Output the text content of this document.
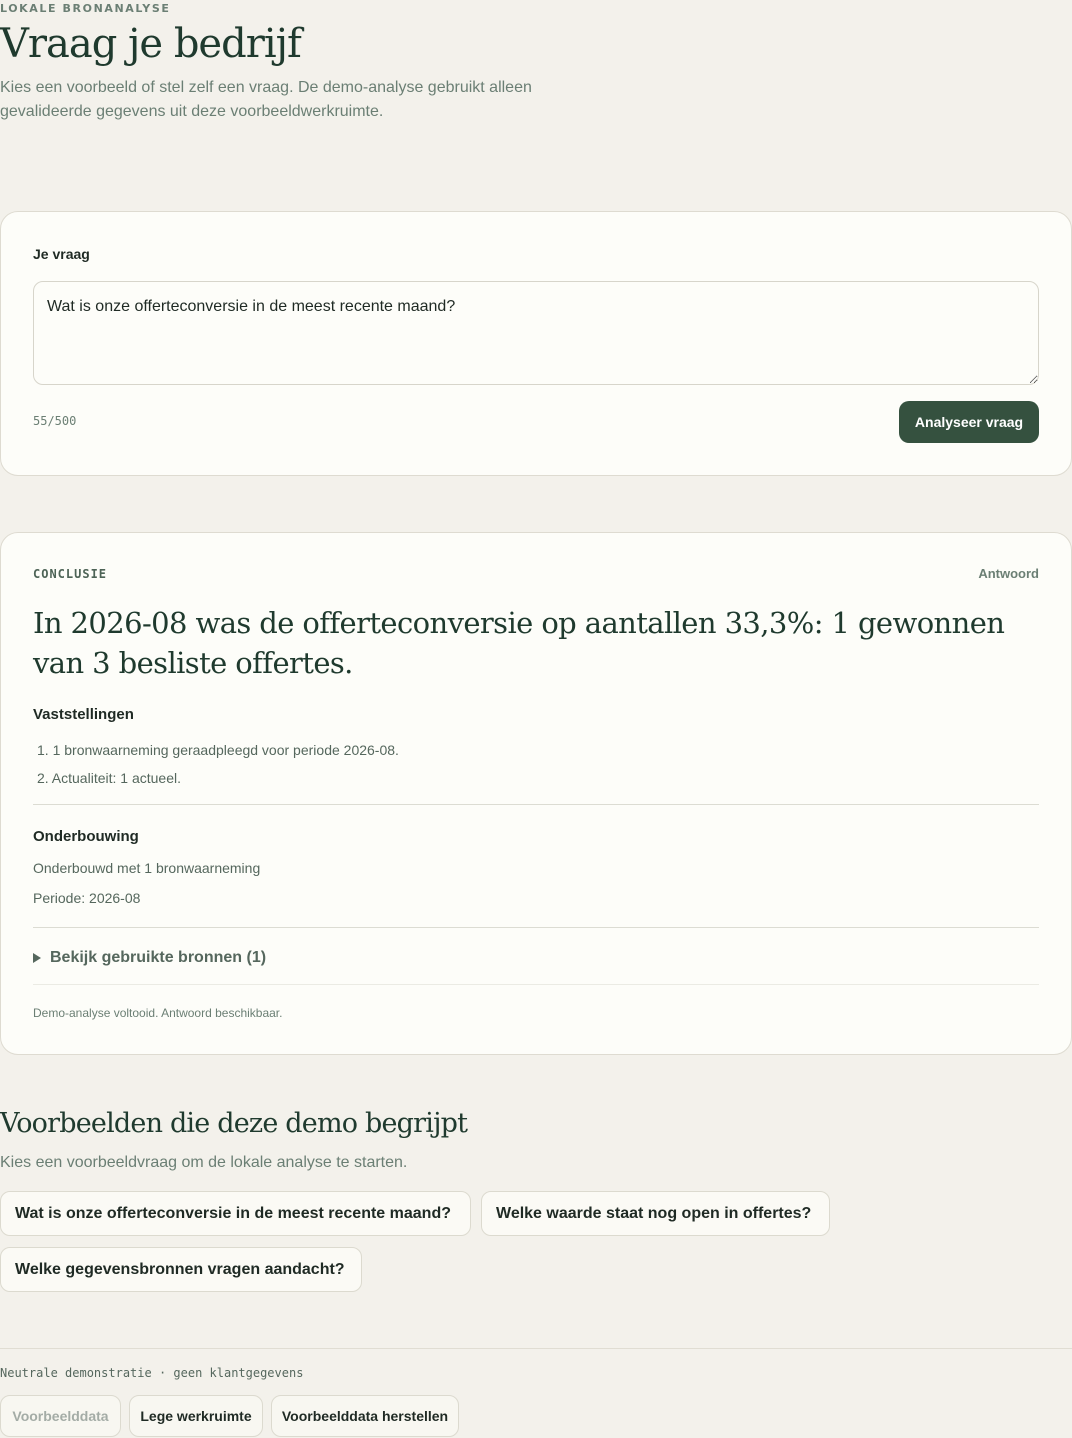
LOKALE BRONANALYSE
Vraag je bedrijf

Kies een voorbeeld of stel zelf een vraag. De demo-analyse gebruikt alleen gevalideerde gegevens uit deze voorbeeldwerkruimte.

Je vraag
Wat is onze offerteconversie in de meest recente maand?
55/500	Analyseer vraag
CONCLUSIE	Antwoord
In 2026-08 was de offerteconversie op aantallen 33,3%: 1 gewonnen van 3 besliste offertes.
Vaststellingen
1. 1 bronwaarneming geraadpleegd voor periode 2026-08.
2. Actualiteit: 1 actueel.
Onderbouwing
Onderbouwd met 1 bronwaarneming
Periode: 2026-08
Bekijk gebruikte bronnen (1)
Demo-analyse voltooid. Antwoord beschikbaar.
Voorbeelden die deze demo begrijpt

Kies een voorbeeldvraag om de lokale analyse te starten.

Wat is onze offerteconversie in de meest recente maand?	Welke waarde staat nog open in offertes?
Welke gegevensbronnen vragen aandacht?
Neutrale demonstratie · geen klantgegevens
Voorbeelddata	Lege werkruimte	Voorbeelddata herstellen
